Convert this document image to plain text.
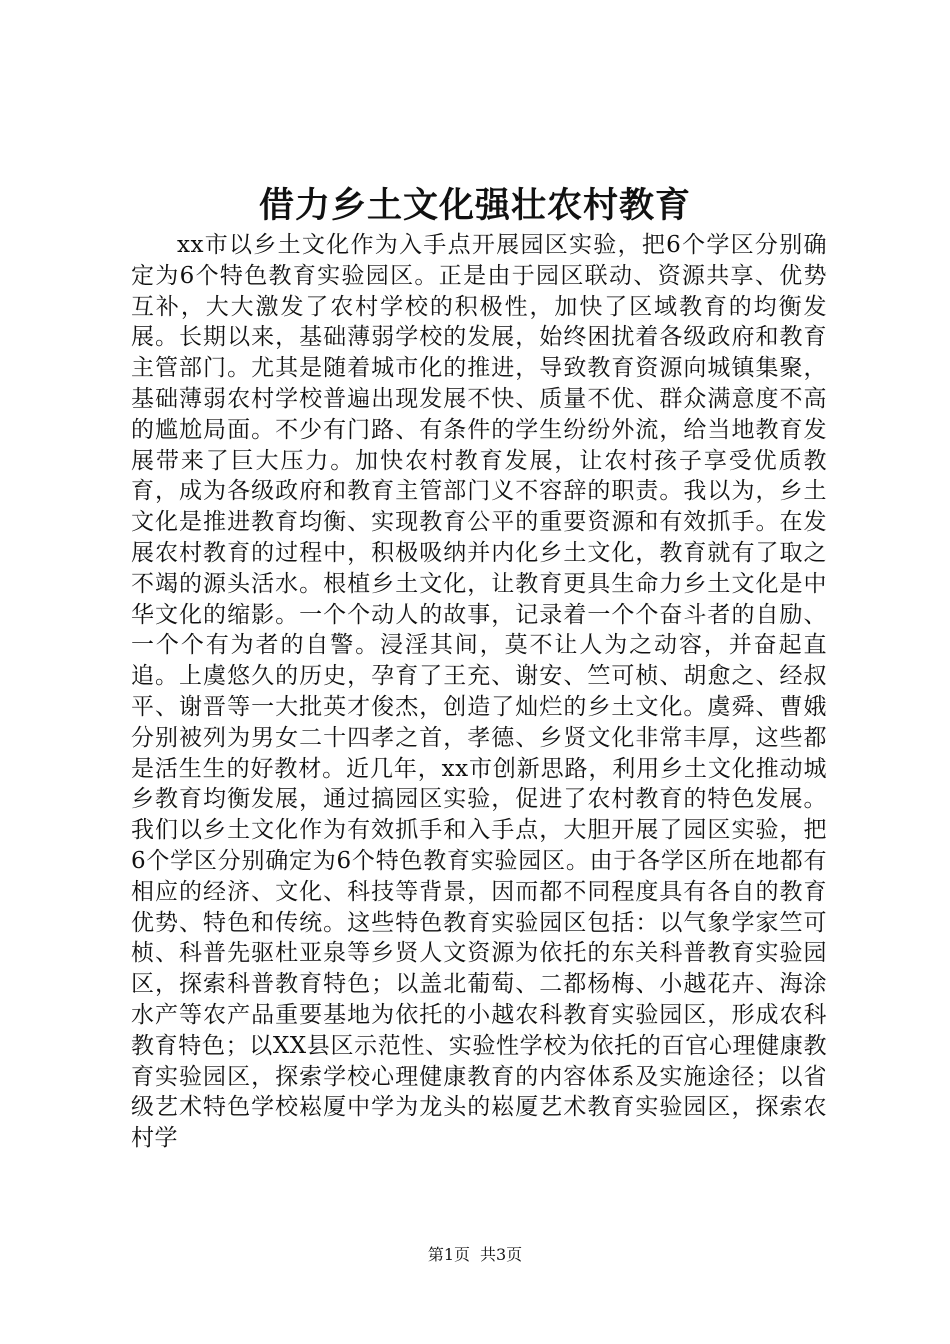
借力乡土文化强壮农村教育

xx市以乡土文化作为入手点开展园区实验，把6个学区分别确定为6个特色教育实验园区。正是由于园区联动、资源共享、优势互补，大大激发了农村学校的积极性，加快了区域教育的均衡发展。长期以来，基础薄弱学校的发展，始终困扰着各级政府和教育主管部门。尤其是随着城市化的推进，导致教育资源向城镇集聚，基础薄弱农村学校普遍出现发展不快、质量不优、群众满意度不高的尴尬局面。不少有门路、有条件的学生纷纷外流，给当地教育发展带来了巨大压力。加快农村教育发展，让农村孩子享受优质教育，成为各级政府和教育主管部门义不容辞的职责。我以为，乡土文化是推进教育均衡、实现教育公平的重要资源和有效抓手。在发展农村教育的过程中，积极吸纳并内化乡土文化，教育就有了取之不竭的源头活水。根植乡土文化，让教育更具生命力乡土文化是中华文化的缩影。一个个动人的故事，记录着一个个奋斗者的自励、一个个有为者的自警。浸淫其间，莫不让人为之动容，并奋起直追。上虞悠久的历史，孕育了王充、谢安、竺可桢、胡愈之、经叔平、谢晋等一大批英才俊杰，创造了灿烂的乡土文化。虞舜、曹娥分别被列为男女二十四孝之首，孝德、乡贤文化非常丰厚，这些都是活生生的好教材。近几年，xx市创新思路，利用乡土文化推动城乡教育均衡发展，通过搞园区实验，促进了农村教育的特色发展。我们以乡土文化作为有效抓手和入手点，大胆开展了园区实验，把6个学区分别确定为6个特色教育实验园区。由于各学区所在地都有相应的经济、文化、科技等背景，因而都不同程度具有各自的教育优势、特色和传统。这些特色教育实验园区包括：以气象学家竺可桢、科普先驱杜亚泉等乡贤人文资源为依托的东关科普教育实验园区，探索科普教育特色；以盖北葡萄、二都杨梅、小越花卉、海涂水产等农产品重要基地为依托的小越农科教育实验园区，形成农科教育特色；以XX县区示范性、实验性学校为依托的百官心理健康教育实验园区，探索学校心理健康教育的内容体系及实施途径；以省级艺术特色学校崧厦中学为龙头的崧厦艺术教育实验园区，探索农村学

第1页 共3页
